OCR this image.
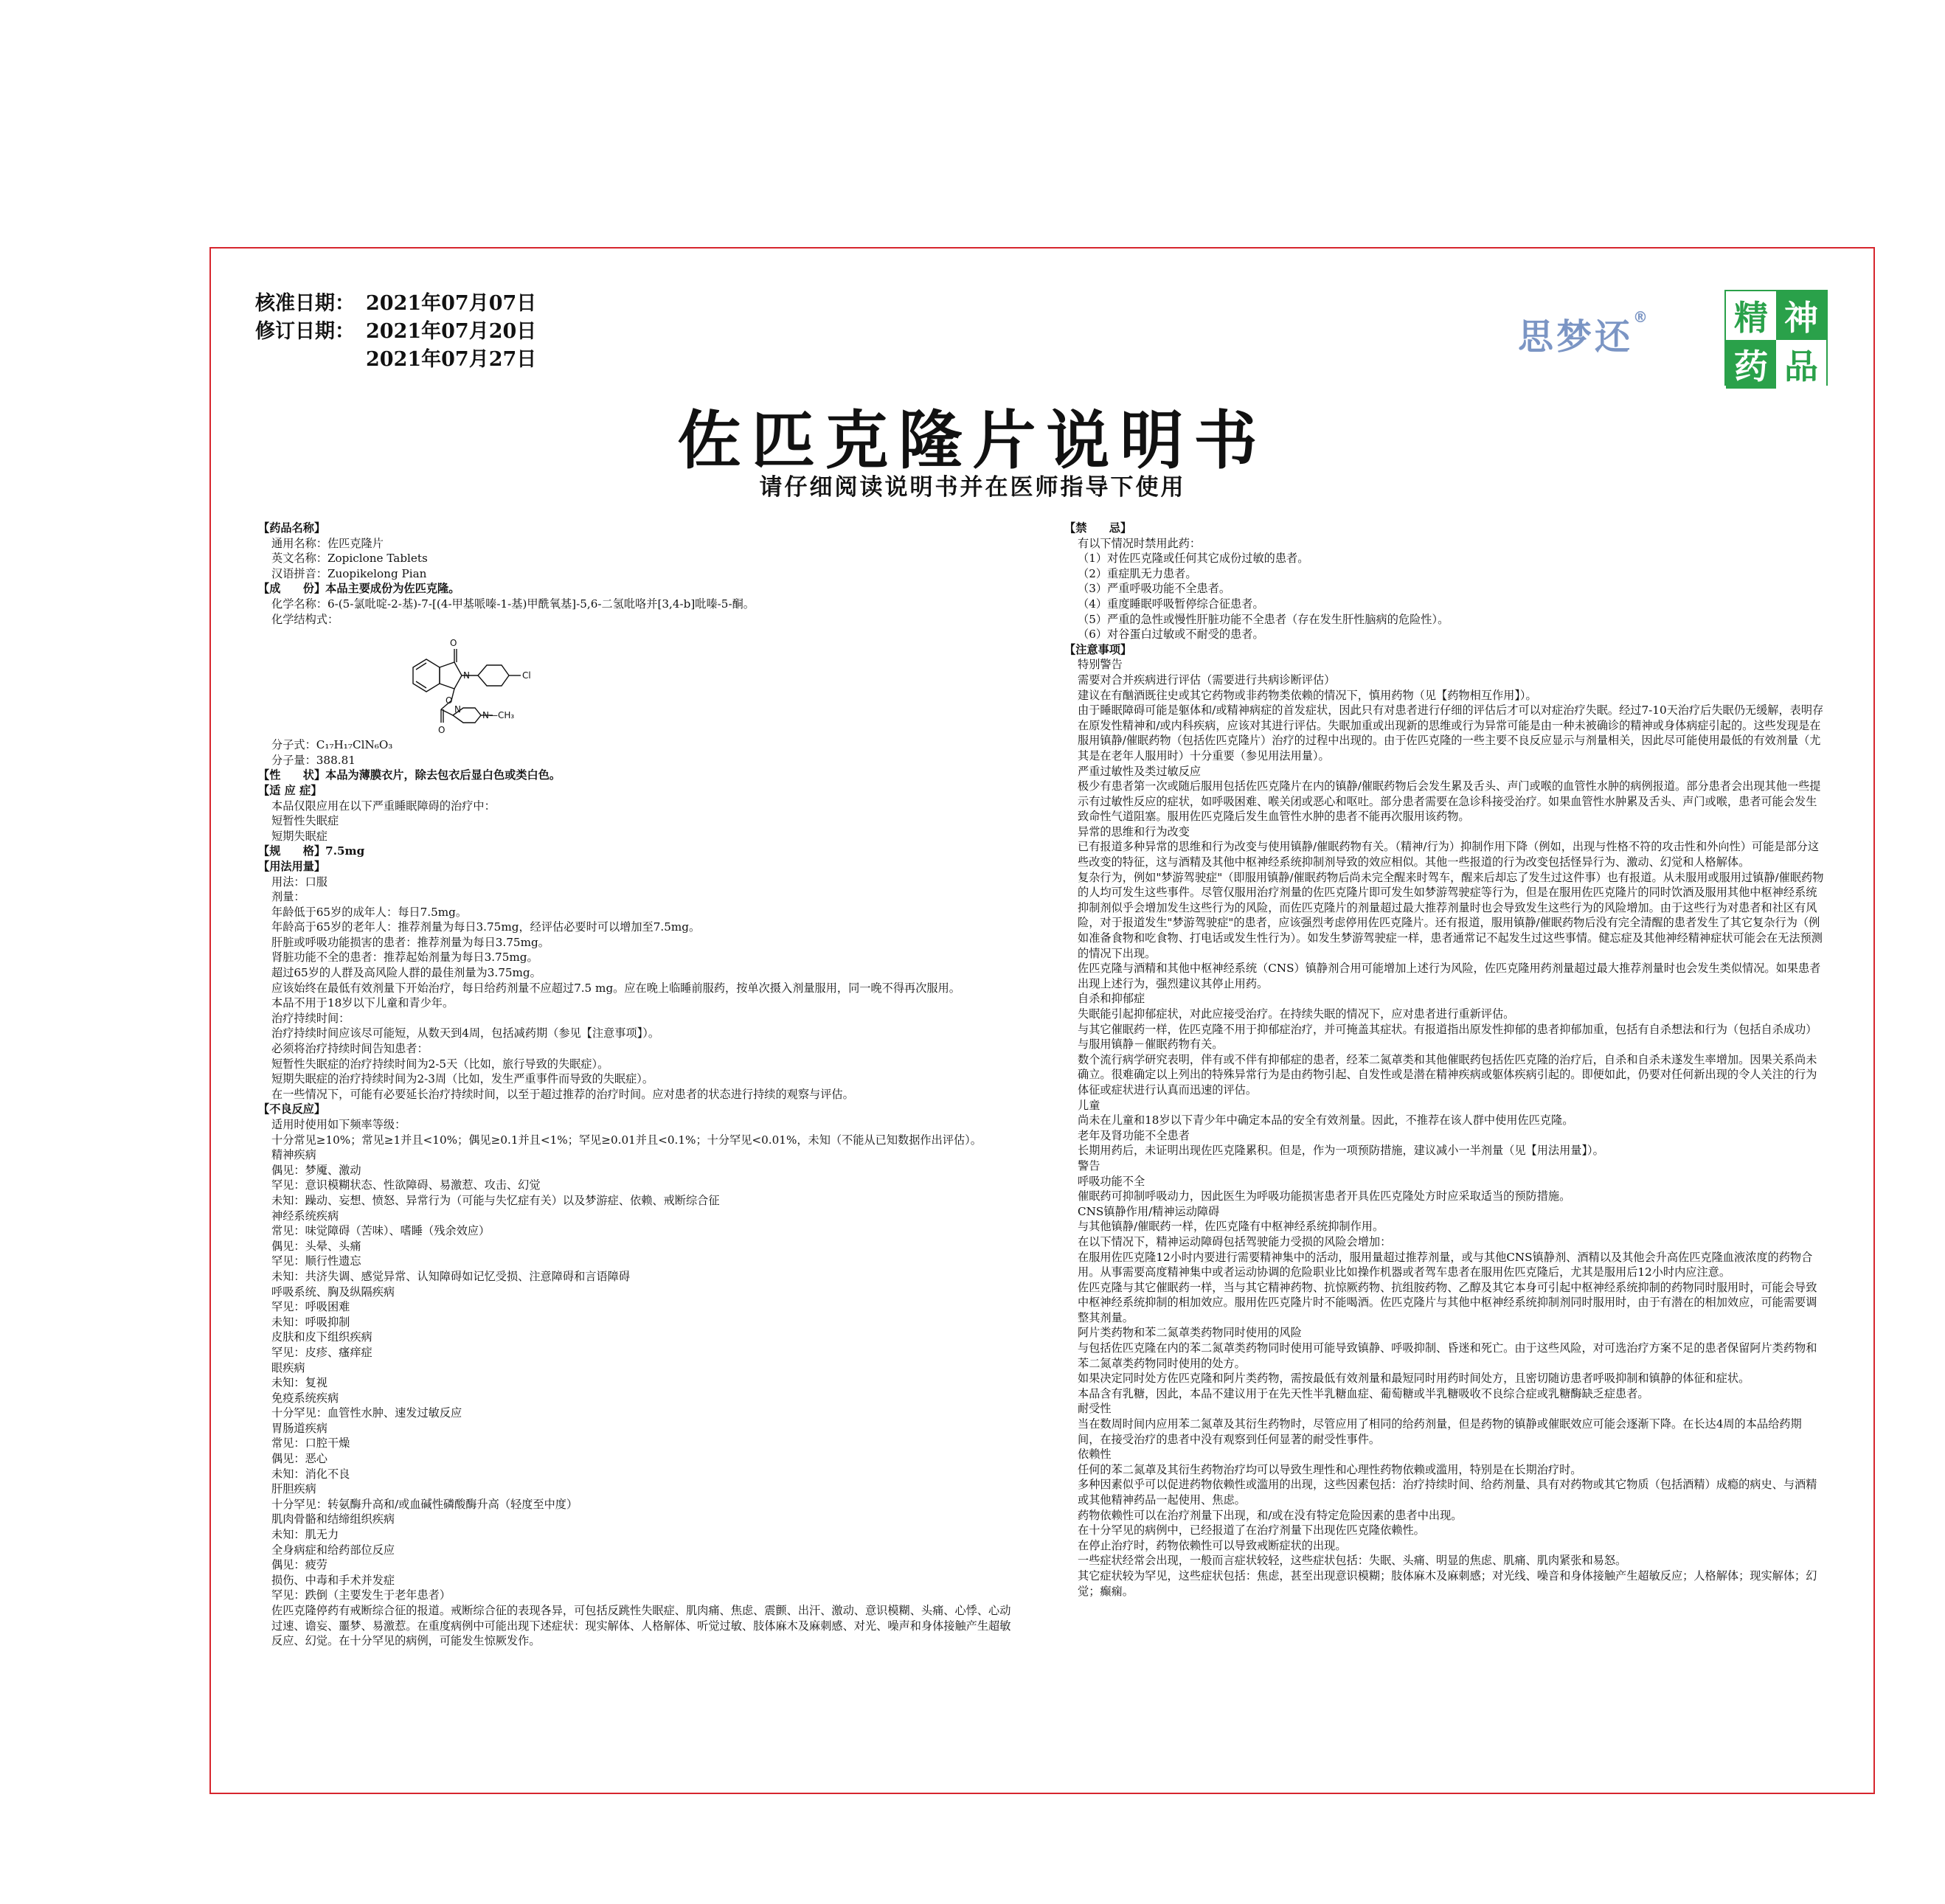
核准日期： 2021年07月07日
修订日期： 2021年07月20日
2021年07月27日
思梦还® 精 神
药 品
佐匹克隆片说明书
请仔细阅读说明书并在医师指导下使用

【药品名称】

通用名称：佐匹克隆片

英文名称：Zopiclone Tablets

汉语拼音：Zuopikelong Pian

【成　　份】本品主要成份为佐匹克隆。

化学名称：6-(5-氯吡啶-2-基)-7-[(4-甲基哌嗪-1-基)甲酰氧基]-5,6-二氢吡咯并[3,4-b]吡嗪-5-酮。

化学结构式：

O
N	Cl
O
O
N
N—CH₃

分子式：C₁₇H₁₇ClN₆O₃

分子量：388.81

【性　　状】本品为薄膜衣片，除去包衣后显白色或类白色。

【适 应 症】

本品仅限应用在以下严重睡眠障碍的治疗中：

短暂性失眠症

短期失眠症

【规　　格】7.5mg

【用法用量】

用法：口服

剂量：

年龄低于65岁的成年人：每日7.5mg。

年龄高于65岁的老年人：推荐剂量为每日3.75mg，经评估必要时可以增加至7.5mg。

肝脏或呼吸功能损害的患者：推荐剂量为每日3.75mg。

肾脏功能不全的患者：推荐起始剂量为每日3.75mg。

超过65岁的人群及高风险人群的最佳剂量为3.75mg。

应该始终在最低有效剂量下开始治疗，每日给药剂量不应超过7.5 mg。应在晚上临睡前服药，按单次摄入剂量服用，同一晚不得再次服用。

本品不用于18岁以下儿童和青少年。

治疗持续时间：

治疗持续时间应该尽可能短，从数天到4周，包括减药期（参见【注意事项】）。

必须将治疗持续时间告知患者：

短暂性失眠症的治疗持续时间为2-5天（比如，旅行导致的失眠症）。

短期失眠症的治疗持续时间为2-3周（比如，发生严重事件而导致的失眠症）。

在一些情况下，可能有必要延长治疗持续时间，以至于超过推荐的治疗时间。应对患者的状态进行持续的观察与评估。

【不良反应】

适用时使用如下频率等级：

十分常见≥10%；常见≥1并且<10%；偶见≥0.1并且<1%；罕见≥0.01并且<0.1%；十分罕见<0.01%，未知（不能从已知数据作出评估）。

精神疾病

偶见：梦魇、激动

罕见：意识模糊状态、性欲障碍、易激惹、攻击、幻觉

未知：躁动、妄想、愤怒、异常行为（可能与失忆症有关）以及梦游症、依赖、戒断综合征

神经系统疾病

常见：味觉障碍（苦味）、嗜睡（残余效应）

偶见：头晕、头痛

罕见：顺行性遗忘

未知：共济失调、感觉异常、认知障碍如记忆受损、注意障碍和言语障碍

呼吸系统、胸及纵隔疾病

罕见：呼吸困难

未知：呼吸抑制

皮肤和皮下组织疾病

罕见：皮疹、瘙痒症

眼疾病

未知：复视

免疫系统疾病

十分罕见：血管性水肿、速发过敏反应

胃肠道疾病

常见：口腔干燥

偶见：恶心

未知：消化不良

肝胆疾病

十分罕见：转氨酶升高和/或血碱性磷酸酶升高（轻度至中度）

肌肉骨骼和结缔组织疾病

未知：肌无力

全身病症和给药部位反应

偶见：疲劳

损伤、中毒和手术并发症

罕见：跌倒（主要发生于老年患者）

佐匹克隆停药有戒断综合征的报道。戒断综合征的表现各异，可包括反跳性失眠症、肌肉痛、焦虑、震颤、出汗、激动、意识模糊、头痛、心悸、心动过速、谵妄、噩梦、易激惹。在重度病例中可能出现下述症状：现实解体、人格解体、听觉过敏、肢体麻木及麻刺感、对光、噪声和身体接触产生超敏反应、幻觉。在十分罕见的病例，可能发生惊厥发作。

【禁　　忌】

有以下情况时禁用此药：

（1）对佐匹克隆或任何其它成份过敏的患者。

（2）重症肌无力患者。

（3）严重呼吸功能不全患者。

（4）重度睡眠呼吸暂停综合征患者。

（5）严重的急性或慢性肝脏功能不全患者（存在发生肝性脑病的危险性）。

（6）对谷蛋白过敏或不耐受的患者。

【注意事项】

特别警告

需要对合并疾病进行评估（需要进行共病诊断评估）

建议在有酗酒既往史或其它药物或非药物类依赖的情况下，慎用药物（见【药物相互作用】）。

由于睡眠障碍可能是躯体和/或精神病症的首发症状，因此只有对患者进行仔细的评估后才可以对症治疗失眠。经过7-10天治疗后失眠仍无缓解，表明存在原发性精神和/或内科疾病，应该对其进行评估。失眠加重或出现新的思维或行为异常可能是由一种未被确诊的精神或身体病症引起的。这些发现是在服用镇静/催眠药物（包括佐匹克隆片）治疗的过程中出现的。由于佐匹克隆的一些主要不良反应显示与剂量相关，因此尽可能使用最低的有效剂量（尤其是在老年人服用时）十分重要（参见用法用量）。

严重过敏性及类过敏反应

极少有患者第一次或随后服用包括佐匹克隆片在内的镇静/催眠药物后会发生累及舌头、声门或喉的血管性水肿的病例报道。部分患者会出现其他一些提示有过敏性反应的症状，如呼吸困难、喉关闭或恶心和呕吐。部分患者需要在急诊科接受治疗。如果血管性水肿累及舌头、声门或喉，患者可能会发生致命性气道阻塞。服用佐匹克隆后发生血管性水肿的患者不能再次服用该药物。

异常的思维和行为改变

已有报道多种异常的思维和行为改变与使用镇静/催眠药物有关。（精神/行为）抑制作用下降（例如，出现与性格不符的攻击性和外向性）可能是部分这些改变的特征，这与酒精及其他中枢神经系统抑制剂导致的效应相似。其他一些报道的行为改变包括怪异行为、激动、幻觉和人格解体。

复杂行为，例如"梦游驾驶症"（即服用镇静/催眠药物后尚未完全醒来时驾车，醒来后却忘了发生过这件事）也有报道。从未服用或服用过镇静/催眠药物的人均可发生这些事件。尽管仅服用治疗剂量的佐匹克隆片即可发生如梦游驾驶症等行为，但是在服用佐匹克隆片的同时饮酒及服用其他中枢神经系统抑制剂似乎会增加发生这些行为的风险，而佐匹克隆片的剂量超过最大推荐剂量时也会导致发生这些行为的风险增加。由于这些行为对患者和社区有风险，对于报道发生"梦游驾驶症"的患者，应该强烈考虑停用佐匹克隆片。还有报道，服用镇静/催眠药物后没有完全清醒的患者发生了其它复杂行为（例如准备食物和吃食物、打电话或发生性行为）。如发生梦游驾驶症一样，患者通常记不起发生过这些事情。健忘症及其他神经精神症状可能会在无法预测的情况下出现。

佐匹克隆与酒精和其他中枢神经系统（CNS）镇静剂合用可能增加上述行为风险，佐匹克隆用药剂量超过最大推荐剂量时也会发生类似情况。如果患者出现上述行为，强烈建议其停止用药。

自杀和抑郁症

失眠能引起抑郁症状，对此应接受治疗。在持续失眠的情况下，应对患者进行重新评估。

与其它催眠药一样，佐匹克隆不用于抑郁症治疗，并可掩盖其症状。有报道指出原发性抑郁的患者抑郁加重，包括有自杀想法和行为（包括自杀成功）与服用镇静－催眠药物有关。

数个流行病学研究表明，伴有或不伴有抑郁症的患者，经苯二氮䓬类和其他催眠药包括佐匹克隆的治疗后，自杀和自杀未遂发生率增加。因果关系尚未确立。很难确定以上列出的特殊异常行为是由药物引起、自发性或是潜在精神疾病或躯体疾病引起的。即便如此，仍要对任何新出现的令人关注的行为体征或症状进行认真而迅速的评估。

儿童

尚未在儿童和18岁以下青少年中确定本品的安全有效剂量。因此，不推荐在该人群中使用佐匹克隆。

老年及肾功能不全患者

长期用药后，未证明出现佐匹克隆累积。但是，作为一项预防措施，建议减小一半剂量（见【用法用量】）。

警告

呼吸功能不全

催眠药可抑制呼吸动力，因此医生为呼吸功能损害患者开具佐匹克隆处方时应采取适当的预防措施。

CNS镇静作用/精神运动障碍

与其他镇静/催眠药一样，佐匹克隆有中枢神经系统抑制作用。

在以下情况下，精神运动障碍包括驾驶能力受损的风险会增加：

在服用佐匹克隆12小时内要进行需要精神集中的活动，服用量超过推荐剂量，或与其他CNS镇静剂、酒精以及其他会升高佐匹克隆血液浓度的药物合用。从事需要高度精神集中或者运动协调的危险职业比如操作机器或者驾车患者在服用佐匹克隆后，尤其是服用后12小时内应注意。

佐匹克隆与其它催眠药一样，当与其它精神药物、抗惊厥药物、抗组胺药物、乙醇及其它本身可引起中枢神经系统抑制的药物同时服用时，可能会导致中枢神经系统抑制的相加效应。服用佐匹克隆片时不能喝酒。佐匹克隆片与其他中枢神经系统抑制剂同时服用时，由于有潜在的相加效应，可能需要调整其剂量。

阿片类药物和苯二氮䓬类药物同时使用的风险

与包括佐匹克隆在内的苯二氮䓬类药物同时使用可能导致镇静、呼吸抑制、昏迷和死亡。由于这些风险，对可选治疗方案不足的患者保留阿片类药物和苯二氮䓬类药物同时使用的处方。

如果决定同时处方佐匹克隆和阿片类药物，需按最低有效剂量和最短同时用药时间处方，且密切随访患者呼吸抑制和镇静的体征和症状。

本品含有乳糖，因此，本品不建议用于在先天性半乳糖血症、葡萄糖或半乳糖吸收不良综合症或乳糖酶缺乏症患者。

耐受性

当在数周时间内应用苯二氮䓬及其衍生药物时，尽管应用了相同的给药剂量，但是药物的镇静或催眠效应可能会逐渐下降。在长达4周的本品给药期间，在接受治疗的患者中没有观察到任何显著的耐受性事件。

依赖性

任何的苯二氮䓬及其衍生药物治疗均可以导致生理性和心理性药物依赖或滥用，特别是在长期治疗时。

多种因素似乎可以促进药物依赖性或滥用的出现，这些因素包括：治疗持续时间、给药剂量、具有对药物或其它物质（包括酒精）成瘾的病史、与酒精或其他精神药品一起使用、焦虑。

药物依赖性可以在治疗剂量下出现，和/或在没有特定危险因素的患者中出现。

在十分罕见的病例中，已经报道了在治疗剂量下出现佐匹克隆依赖性。

在停止治疗时，药物依赖性可以导致戒断症状的出现。

一些症状经常会出现，一般而言症状较轻，这些症状包括：失眠、头痛、明显的焦虑、肌痛、肌肉紧张和易怒。

其它症状较为罕见，这些症状包括：焦虑，甚至出现意识模糊；肢体麻木及麻刺感；对光线、噪音和身体接触产生超敏反应；人格解体；现实解体；幻觉；癫痫。
